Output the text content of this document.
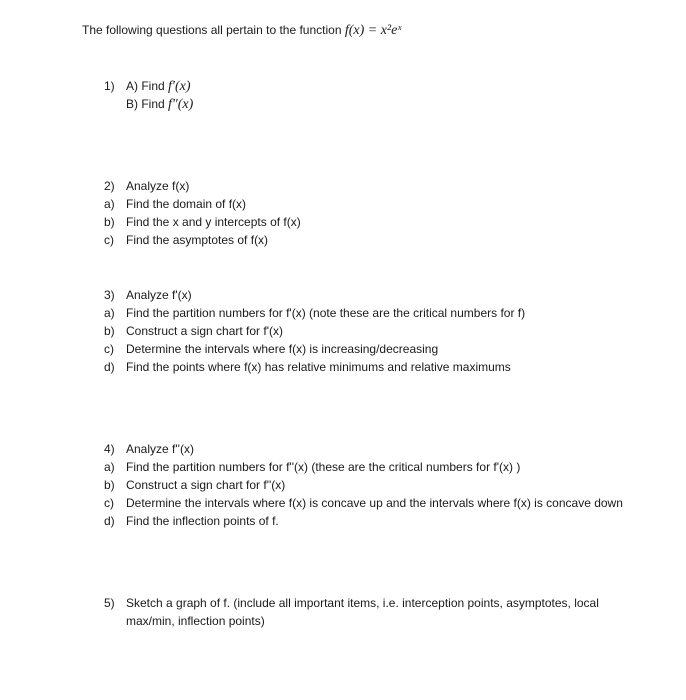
The following questions all pertain to the function f(x) = x²eˣ
1) A) Find f′(x)
B) Find f″(x)
2) Analyze f(x)
a) Find the domain of f(x)
b) Find the x and y intercepts of f(x)
c) Find the asymptotes of f(x)
3) Analyze f'(x)
a) Find the partition numbers for f'(x) (note these are the critical numbers for f)
b) Construct a sign chart for f'(x)
c) Determine the intervals where f(x) is increasing/decreasing
d) Find the points where f(x) has relative minimums and relative maximums
4) Analyze f''(x)
a) Find the partition numbers for f''(x) (these are the critical numbers for f'(x) )
b) Construct a sign chart for f''(x)
c) Determine the intervals where f(x) is concave up and the intervals where f(x) is concave down
d) Find the inflection points of f.
5) Sketch a graph of f. (include all important items, i.e. interception points, asymptotes, local
max/min, inflection points)
